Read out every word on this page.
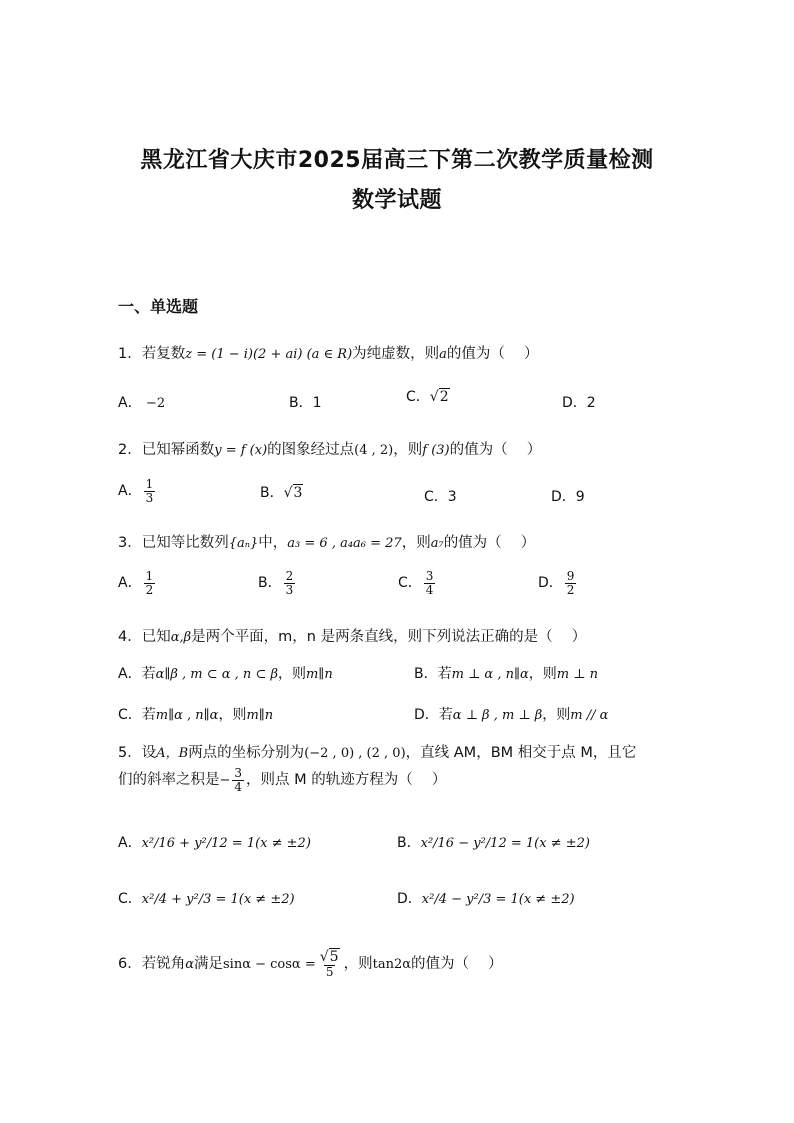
黑龙江省大庆市2025届高三下第二次教学质量检测
数学试题
一、单选题
1．若复数z = (1 − i)(2 + ai) (a ∈ R)为纯虚数，则a的值为（　 ）
A． −2	B．1	C．√2	D．2
2．已知幂函数y = f (x)的图象经过点(4 , 2)，则f (3)的值为（　 ）
A． $\frac{1}{3}$	B．√3	C．3	D．9
3．已知等比数列{aₙ}中，a₃ = 6 , a₄a₆ = 27，则a₇的值为（　 ）
A． $\frac{1}{2}$	B． $\frac{2}{3}$	C． $\frac{3}{4}$	D． $\frac{9}{2}$
4．已知α,β是两个平面，m，n 是两条直线，则下列说法正确的是（　 ）
A．若α∥β , m ⊂ α , n ⊂ β，则m∥n	B．若m ⊥ α , n∥α，则m ⊥ n
C．若m∥α , n∥α，则m∥n	D．若α ⊥ β , m ⊥ β，则m // α
5．设A，B两点的坐标分别为(−2 , 0) , (2 , 0)，直线 AM，BM 相交于点 M，且它
们的斜率之积是− $\frac{3}{4}$ ，则点 M 的轨迹方程为（　 ）
A．x²/16 + y²/12 = 1(x ≠ ±2)	B．x²/16 − y²/12 = 1(x ≠ ±2)
C．x²/4 + y²/3 = 1(x ≠ ±2)	D．x²/4 − y²/3 = 1(x ≠ ±2)
6．若锐角α满足$\sin\alpha - \cos\alpha = \frac{√5}{5}$ ，则tan2α的值为（　 ）
